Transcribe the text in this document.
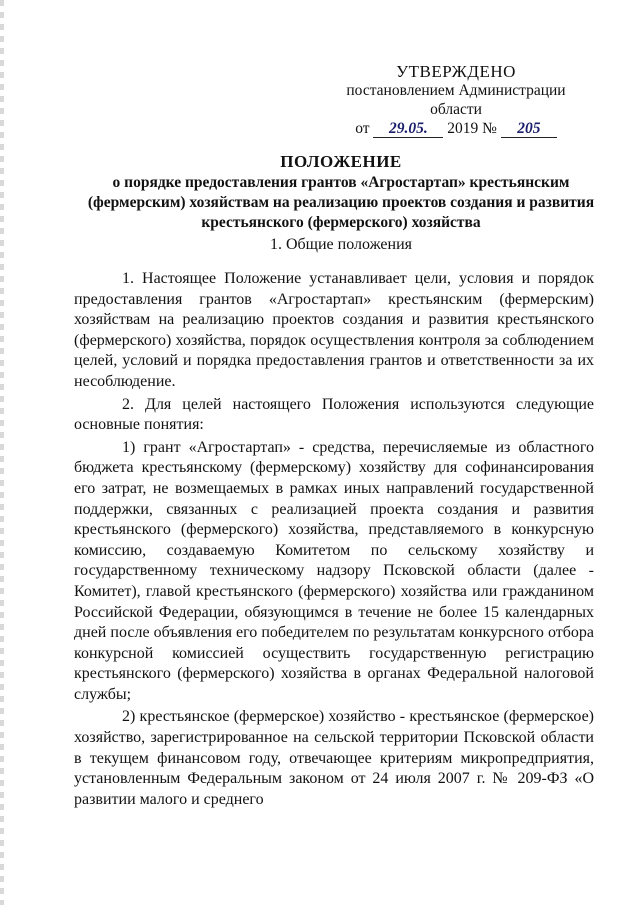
УТВЕРЖДЕНО
постановлением Администрации области
от 29.05. 2019 № 205
ПОЛОЖЕНИЕ
о порядке предоставления грантов «Агростартап» крестьянским (фермерским) хозяйствам на реализацию проектов создания и развития крестьянского (фермерского) хозяйства
1. Общие положения

1. Настоящее Положение устанавливает цели, условия и порядок предоставления грантов «Агростартап» крестьянским (фермерским) хозяйствам на реализацию проектов создания и развития крестьянского (фермерского) хозяйства, порядок осуществления контроля за соблюдением целей, условий и порядка предоставления грантов и ответственности за их несоблюдение.

2. Для целей настоящего Положения используются следующие основные понятия:

1) грант «Агростартап» - средства, перечисляемые из областного бюджета крестьянскому (фермерскому) хозяйству для софинансирования его затрат, не возмещаемых в рамках иных направлений государственной поддержки, связанных с реализацией проекта создания и развития крестьянского (фермерского) хозяйства, представляемого в конкурсную комиссию, создаваемую Комитетом по сельскому хозяйству и государственному техническому надзору Псковской области (далее - Комитет), главой крестьянского (фермерского) хозяйства или гражданином Российской Федерации, обязующимся в течение не более 15 календарных дней после объявления его победителем по результатам конкурсного отбора конкурсной комиссией осуществить государственную регистрацию крестьянского (фермерского) хозяйства в органах Федеральной налоговой службы;

2) крестьянское (фермерское) хозяйство - крестьянское (фермерское) хозяйство, зарегистрированное на сельской территории Псковской области в текущем финансовом году, отвечающее критериям микропредприятия, установленным Федеральным законом от 24 июля 2007 г. № 209-ФЗ «О развитии малого и среднего
